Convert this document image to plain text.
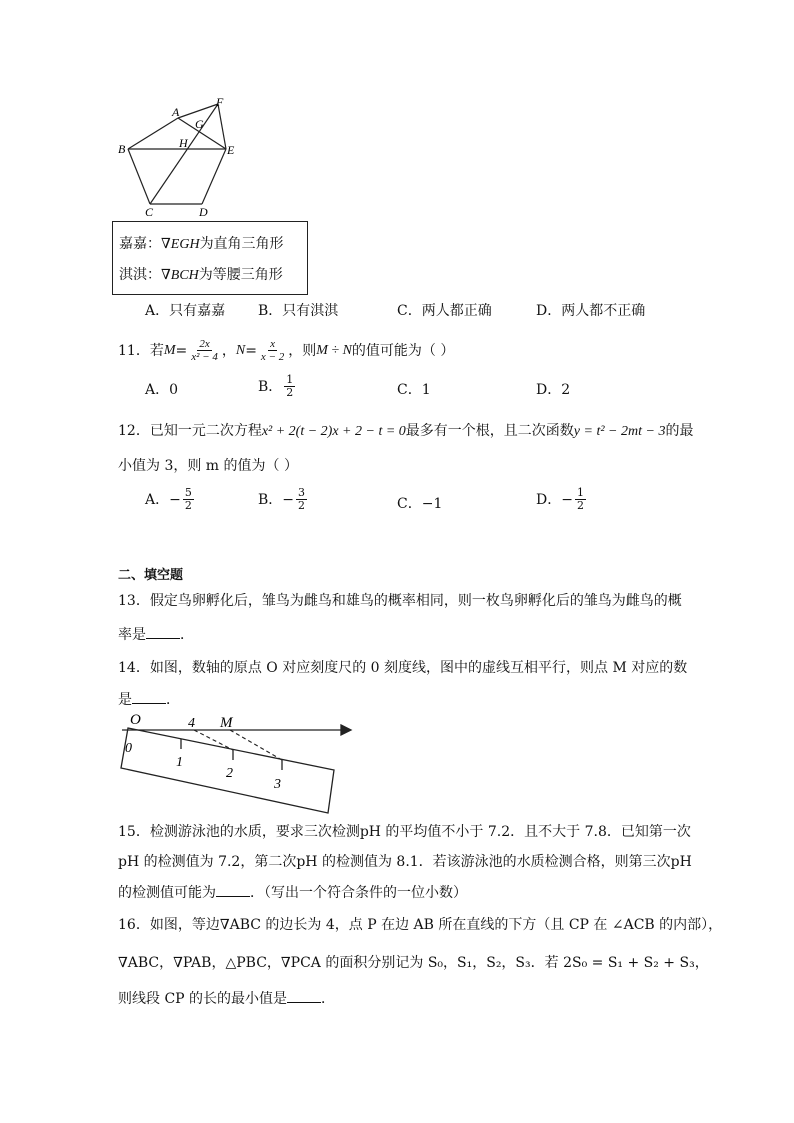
A
F
G
H
B	E
C	D
嘉嘉：∇EGH为直角三角形
淇淇：∇BCH为等腰三角形
A．只有嘉嘉 B．只有淇淇	C．两人都正确	D．两人都不正确
11．若 $M = \frac{2x}{\text{x² − 4}}$ ， $N = \frac{x}{x - 2}$ ，则 M ÷ N 的值可能为（ ）
A．0	B． $\frac{1}{2}$	C．1	D．2
12．已知一元二次方程x² + 2(t − 2)x + 2 − t = 0最多有一个根，且二次函数y = t² − 2mt − 3的最
小值为 3，则 m 的值为（ ）
A．− $\frac{5}{2}$	B．− $\frac{3}{2}$	C．−1	D．− $\frac{1}{2}$
二、填空题
13．假定鸟卵孵化后，雏鸟为雌鸟和雄鸟的概率相同，则一枚鸟卵孵化后的雏鸟为雌鸟的概
率是 ．
14．如图，数轴的原点 O 对应刻度尺的 0 刻度线，图中的虚线互相平行，则点 M 对应的数
是 ．
O	4 M
0
1
2
3
15．检测游泳池的水质，要求三次检测pH 的平均值不小于 7.2．且不大于 7.8．已知第一次
pH 的检测值为 7.2，第二次pH 的检测值为 8.1．若该游泳池的水质检测合格，则第三次pH
的检测值可能为 ．（写出一个符合条件的一位小数）
16．如图，等边∇ABC 的边长为 4，点 P 在边 AB 所在直线的下方（且 CP 在 ∠ACB 的内部），
∇ABC，∇PAB，△PBC，∇PCA 的面积分别记为 S₀，S₁，S₂，S₃．若 2S₀ = S₁ + S₂ + S₃，
则线段 CP 的长的最小值是 ．
